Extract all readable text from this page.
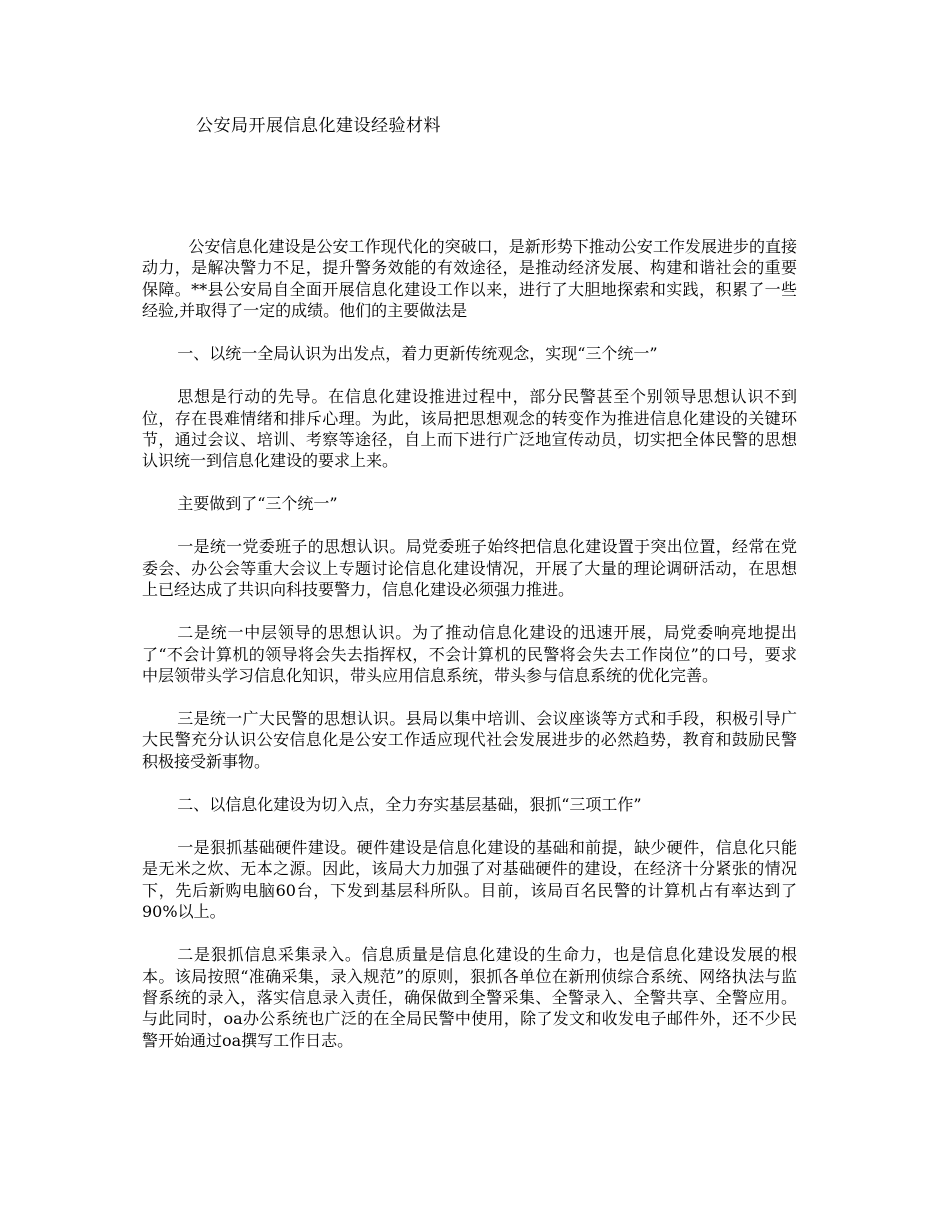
公安局开展信息化建设经验材料

公安信息化建设是公安工作现代化的突破口，是新形势下推动公安工作发展进步的直接动力，是解决警力不足，提升警务效能的有效途径，是推动经济发展、构建和谐社会的重要保障。**县公安局自全面开展信息化建设工作以来，进行了大胆地探索和实践，积累了一些经验,并取得了一定的成绩。他们的主要做法是

一、以统一全局认识为出发点，着力更新传统观念，实现“三个统一”

思想是行动的先导。在信息化建设推进过程中，部分民警甚至个别领导思想认识不到位，存在畏难情绪和排斥心理。为此，该局把思想观念的转变作为推进信息化建设的关键环节，通过会议、培训、考察等途径，自上而下进行广泛地宣传动员，切实把全体民警的思想认识统一到信息化建设的要求上来。

主要做到了“三个统一”

一是统一党委班子的思想认识。局党委班子始终把信息化建设置于突出位置，经常在党委会、办公会等重大会议上专题讨论信息化建设情况，开展了大量的理论调研活动，在思想上已经达成了共识向科技要警力，信息化建设必须强力推进。

二是统一中层领导的思想认识。为了推动信息化建设的迅速开展，局党委响亮地提出了“不会计算机的领导将会失去指挥权，不会计算机的民警将会失去工作岗位”的口号，要求中层领带头学习信息化知识，带头应用信息系统，带头参与信息系统的优化完善。

三是统一广大民警的思想认识。县局以集中培训、会议座谈等方式和手段，积极引导广大民警充分认识公安信息化是公安工作适应现代社会发展进步的必然趋势，教育和鼓励民警积极接受新事物。

二、以信息化建设为切入点，全力夯实基层基础，狠抓“三项工作”

一是狠抓基础硬件建设。硬件建设是信息化建设的基础和前提，缺少硬件，信息化只能是无米之炊、无本之源。因此，该局大力加强了对基础硬件的建设，在经济十分紧张的情况下，先后新购电脑60台，下发到基层科所队。目前，该局百名民警的计算机占有率达到了90%以上。

二是狠抓信息采集录入。信息质量是信息化建设的生命力，也是信息化建设发展的根本。该局按照“准确采集，录入规范”的原则，狠抓各单位在新刑侦综合系统、网络执法与监督系统的录入，落实信息录入责任，确保做到全警采集、全警录入、全警共享、全警应用。与此同时，oa办公系统也广泛的在全局民警中使用，除了发文和收发电子邮件外，还不少民警开始通过oa撰写工作日志。
